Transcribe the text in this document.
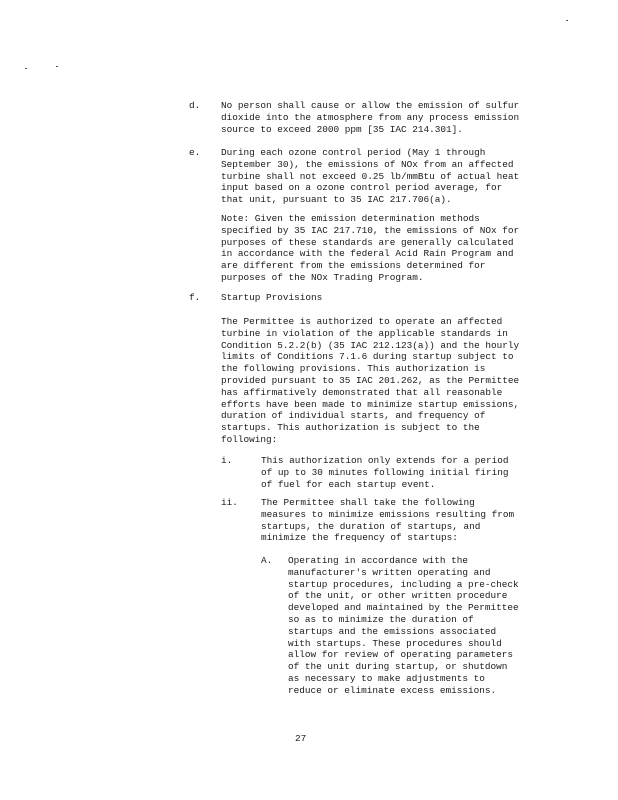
d. No person shall cause or allow the emission of sulfur
dioxide into the atmosphere from any process emission
source to exceed 2000 ppm [35 IAC 214.301].
e. During each ozone control period (May 1 through
September 30), the emissions of NOx from an affected
turbine shall not exceed 0.25 lb/mmBtu of actual heat
input based on a ozone control period average, for
that unit, pursuant to 35 IAC 217.706(a).
Note: Given the emission determination methods
specified by 35 IAC 217.710, the emissions of NOx for
purposes of these standards are generally calculated
in accordance with the federal Acid Rain Program and
are different from the emissions determined for
purposes of the NOx Trading Program.
f. Startup Provisions
The Permittee is authorized to operate an affected
turbine in violation of the applicable standards in
Condition 5.2.2(b) (35 IAC 212.123(a)) and the hourly
limits of Conditions 7.1.6 during startup subject to
the following provisions. This authorization is
provided pursuant to 35 IAC 201.262, as the Permittee
has affirmatively demonstrated that all reasonable
efforts have been made to minimize startup emissions,
duration of individual starts, and frequency of
startups. This authorization is subject to the
following:
i.	This authorization only extends for a period
of up to 30 minutes following initial firing
of fuel for each startup event.
ii. The Permittee shall take the following
measures to minimize emissions resulting from
startups, the duration of startups, and
minimize the frequency of startups:
A. Operating in accordance with the
manufacturer's written operating and
startup procedures, including a pre-check
of the unit, or other written procedure
developed and maintained by the Permittee
so as to minimize the duration of
startups and the emissions associated
with startups. These procedures should
allow for review of operating parameters
of the unit during startup, or shutdown
as necessary to make adjustments to
reduce or eliminate excess emissions.
27
